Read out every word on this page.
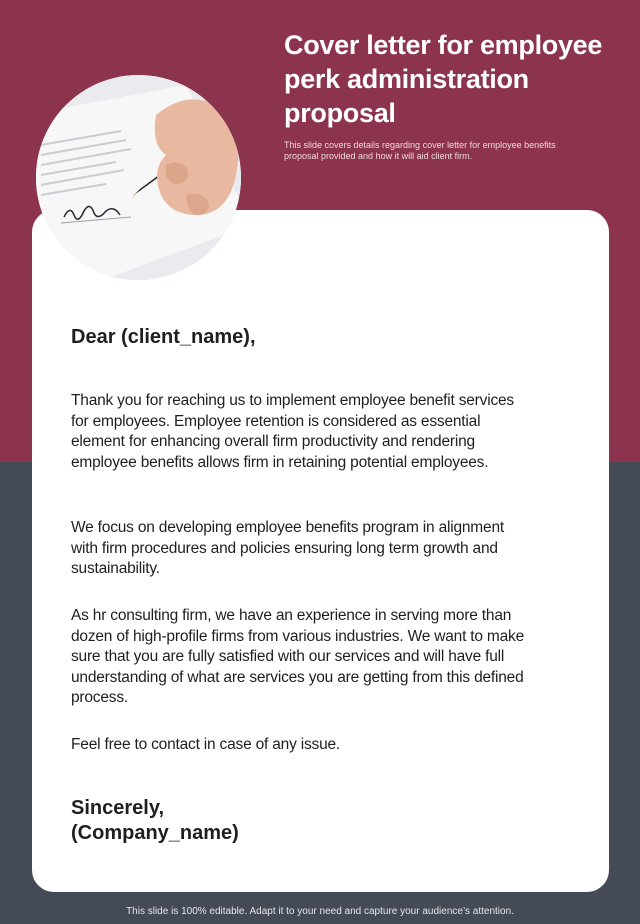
Cover letter for employee perk administration proposal
This slide covers details regarding cover letter for employee benefits proposal provided and how it will aid client firm.
Dear (client_name),
Thank you for reaching us to implement employee benefit services for employees. Employee retention is considered as essential element for enhancing overall firm productivity and rendering employee benefits allows firm in retaining potential employees.
We focus on developing employee benefits program in alignment with firm procedures and policies ensuring long term growth and sustainability.
As hr consulting firm, we have an experience in serving more than dozen of high-profile firms from various industries. We want to make sure that you are fully satisfied with our services and will have full understanding of what are services you are getting from this defined process.
Feel free to contact in case of any issue.
Sincerely,
(Company_name)
This slide is 100% editable. Adapt it to your need and capture your audience’s attention.
